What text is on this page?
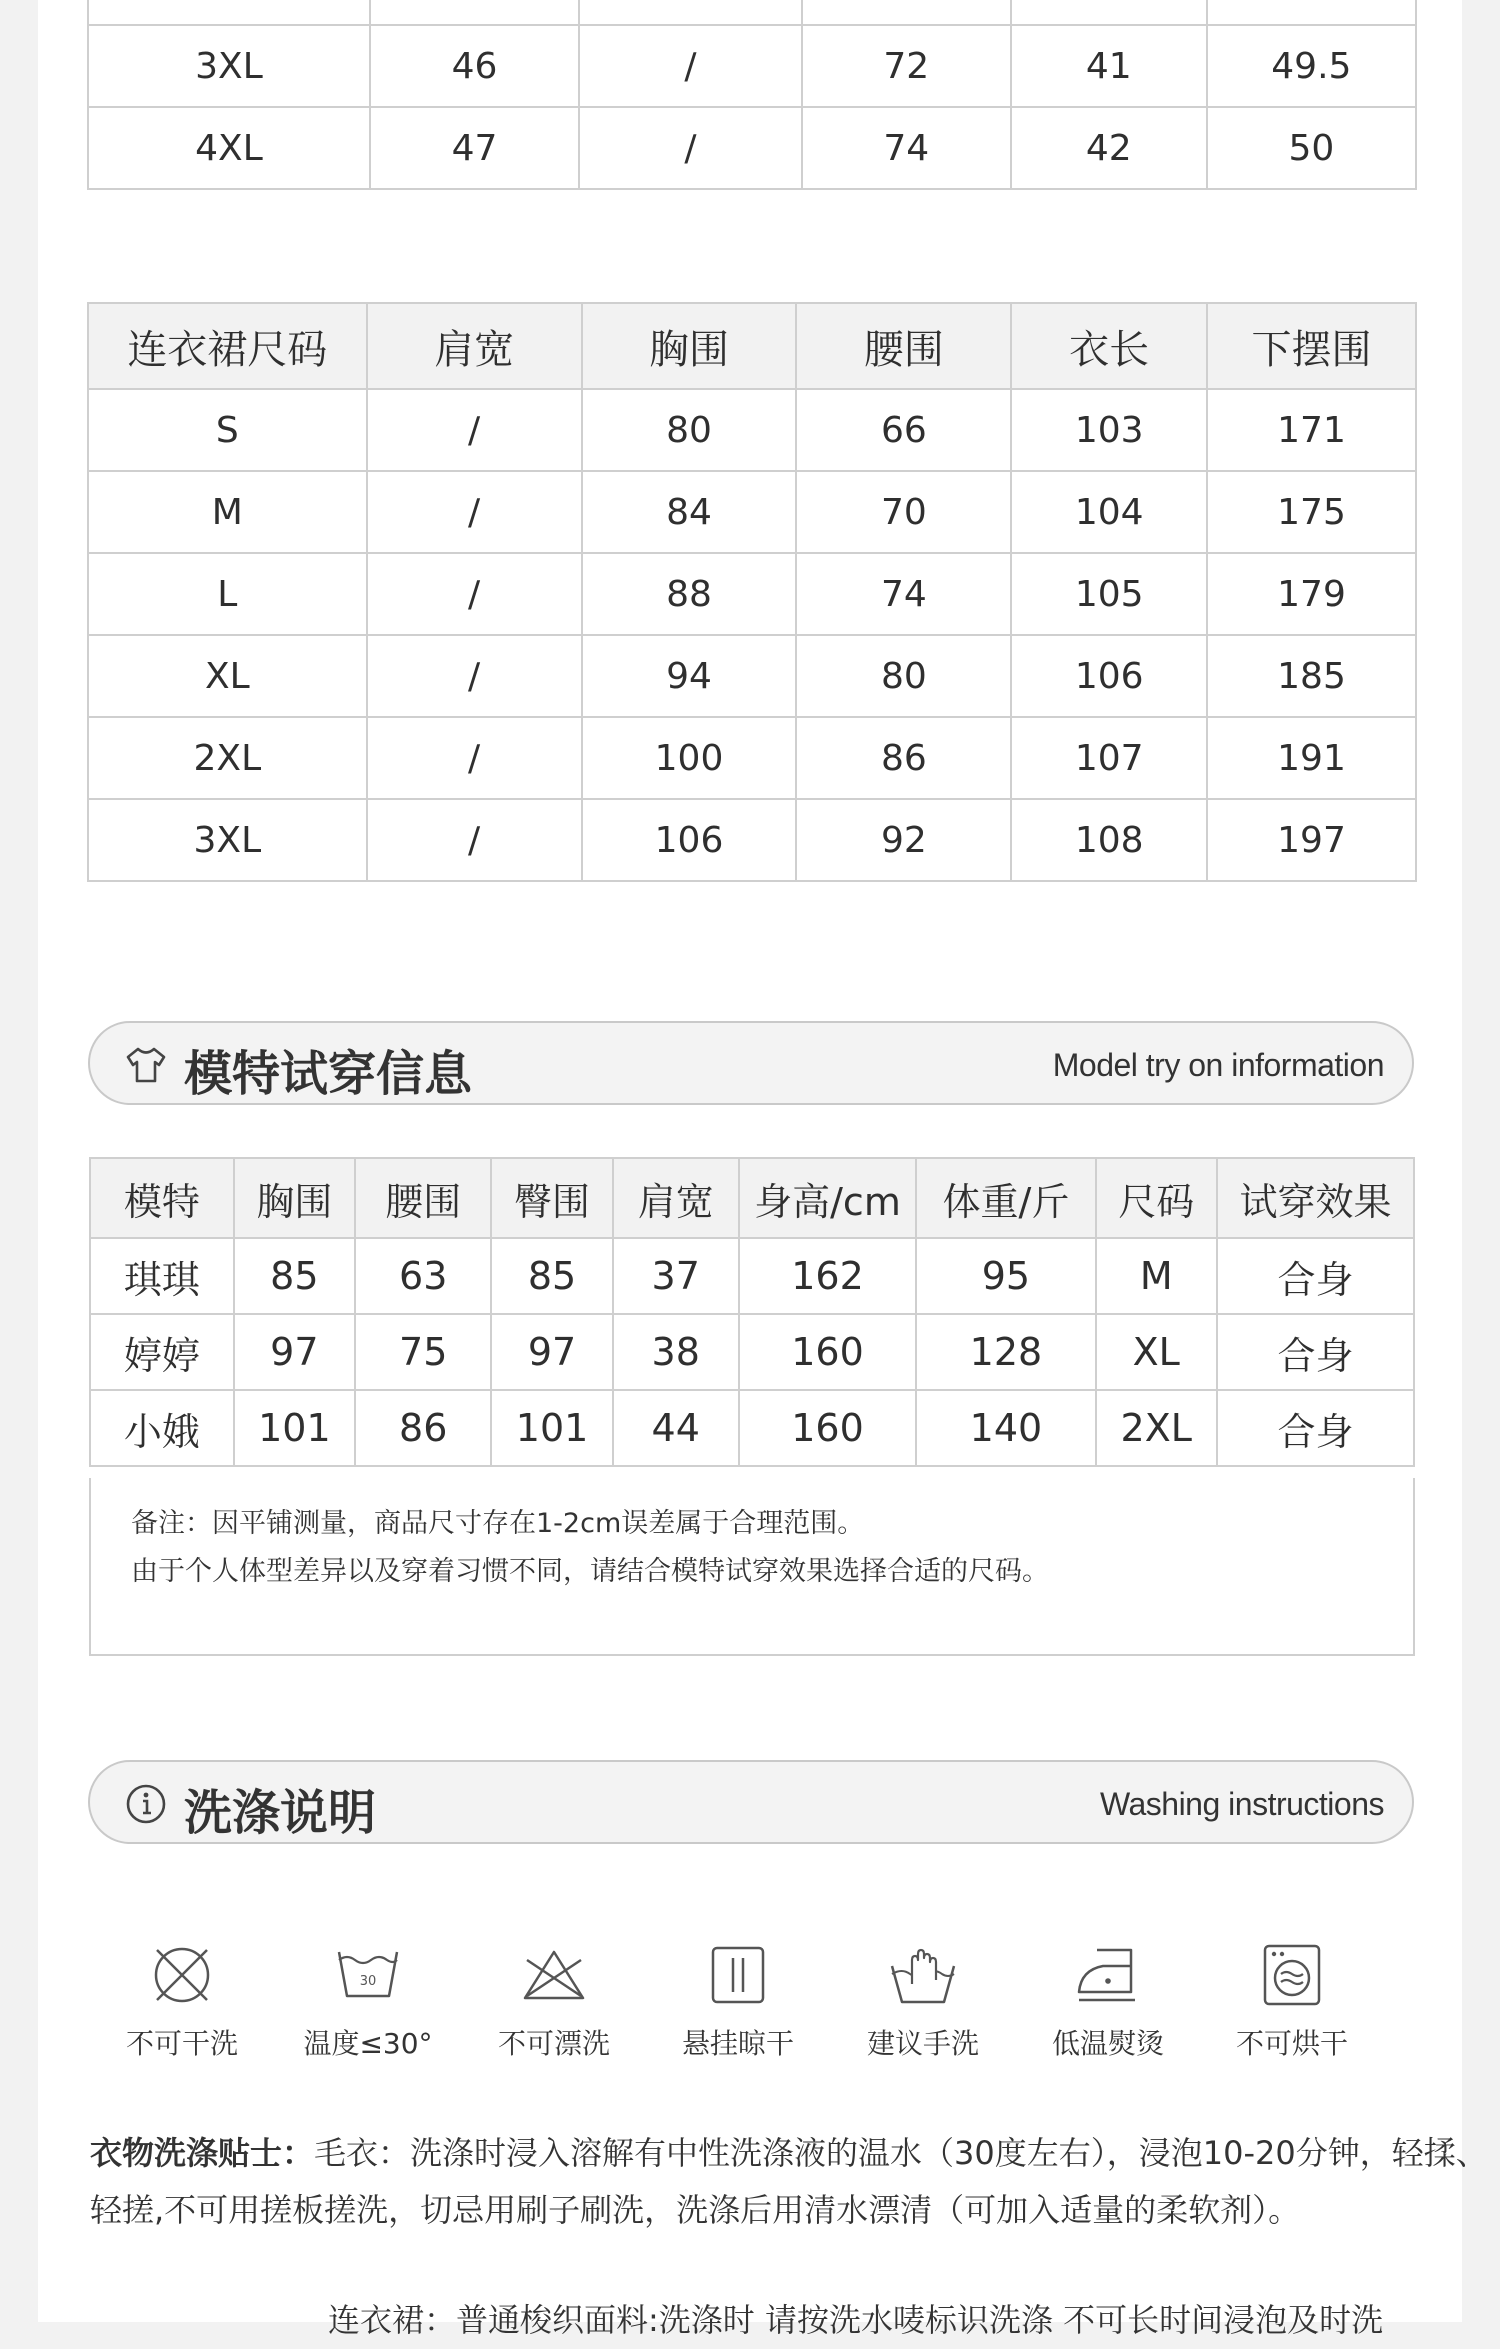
3XL	46	/	72	41	49.5
4XL	47	/	74	42	50
连衣裙尺码	肩宽	胸围	腰围	衣长	下摆围
S	/	80	66	103	171
M	/	84	70	104	175
L	/	88	74	105	179
XL	/	94	80	106	185
2XL	/	100	86	107	191
3XL	/	106	92	108	197
模特试穿信息	Model try on information
模特	胸围	腰围	臀围	肩宽	身高/cm	体重/斤	尺码	试穿效果
琪琪	85	63	85	37	162	95	M	合身
婷婷	97	75	97	38	160	128	XL	合身
小娥	101	86	101	44	160	140	2XL	合身
备注：因平铺测量，商品尺寸存在1-2cm误差属于合理范围。
由于个人体型差异以及穿着习惯不同，请结合模特试穿效果选择合适的尺码。
洗涤说明	Washing instructions
不可干洗
30
温度≤30°	不可漂洗	悬挂晾干	建议手洗	低温熨烫	不可烘干
衣物洗涤贴士：毛衣：洗涤时浸入溶解有中性洗涤液的温水（30度左右），浸泡10-20分钟，轻揉、轻搓,不可用搓板搓洗，切忌用刷子刷洗，洗涤后用清水漂清（可加入适量的柔软剂）。
连衣裙：普通梭织面料:洗涤时 请按洗水唛标识洗涤 不可长时间浸泡及时洗
